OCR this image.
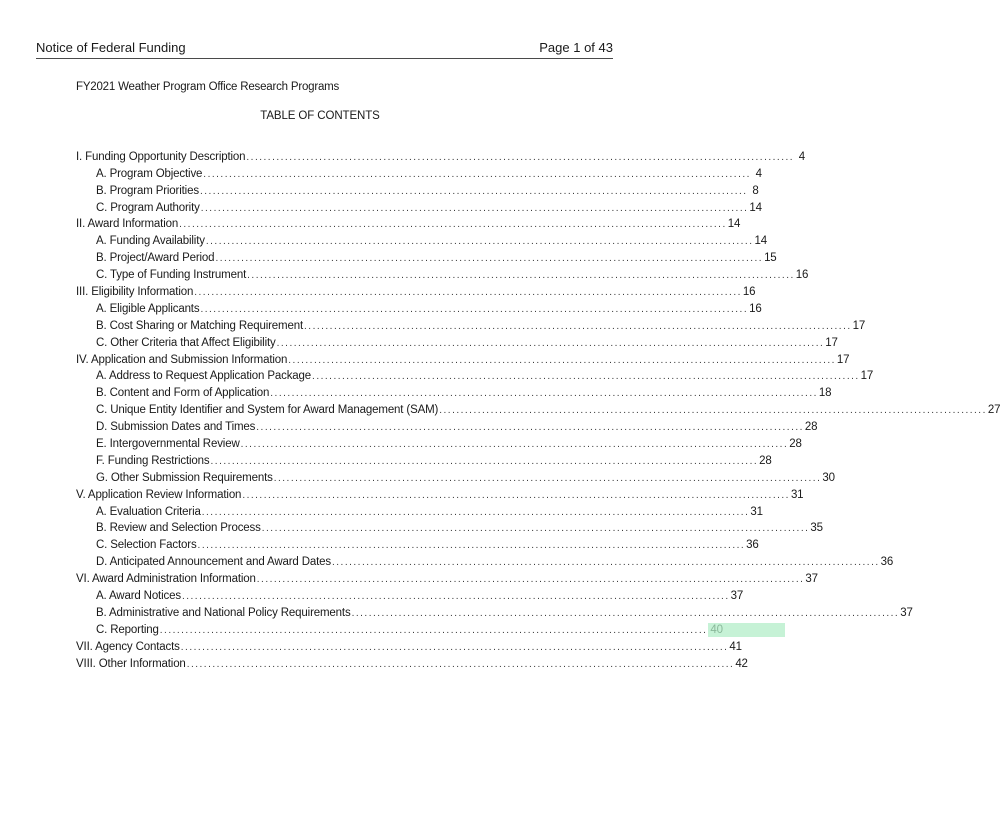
Notice of Federal Funding	Page 1 of 43
FY2021 Weather Program Office Research Programs
TABLE OF CONTENTS
I. Funding Opportunity Description ................................................................................................................................ 4
A. Program Objective ................................................................................................................................ 4
B. Program Priorities ................................................................................................................................ 8
C. Program Authority ................................................................................................................................ 14
II. Award Information ................................................................................................................................ 14
A. Funding Availability ................................................................................................................................ 14
B. Project/Award Period ................................................................................................................................ 15
C. Type of Funding Instrument ................................................................................................................................ 16
III. Eligibility Information ................................................................................................................................ 16
A. Eligible Applicants ................................................................................................................................ 16
B. Cost Sharing or Matching Requirement ................................................................................................................................ 17
C. Other Criteria that Affect Eligibility ................................................................................................................................ 17
IV. Application and Submission Information ................................................................................................................................ 17
A. Address to Request Application Package ................................................................................................................................ 17
B. Content and Form of Application ................................................................................................................................ 18
C. Unique Entity Identifier and System for Award Management (SAM) ................................................................................................................................ 27
D. Submission Dates and Times ................................................................................................................................ 28
E. Intergovernmental Review ................................................................................................................................ 28
F. Funding Restrictions ................................................................................................................................ 28
G. Other Submission Requirements ................................................................................................................................ 30
V. Application Review Information ................................................................................................................................ 31
A. Evaluation Criteria ................................................................................................................................ 31
B. Review and Selection Process ................................................................................................................................ 35
C. Selection Factors ................................................................................................................................ 36
D. Anticipated Announcement and Award Dates ................................................................................................................................ 36
VI. Award Administration Information ................................................................................................................................ 37
A. Award Notices ................................................................................................................................ 37
B. Administrative and National Policy Requirements ................................................................................................................................ 37
C. Reporting ................................................................................................................................ 40
VII. Agency Contacts ................................................................................................................................ 41
VIII. Other Information ................................................................................................................................ 42
